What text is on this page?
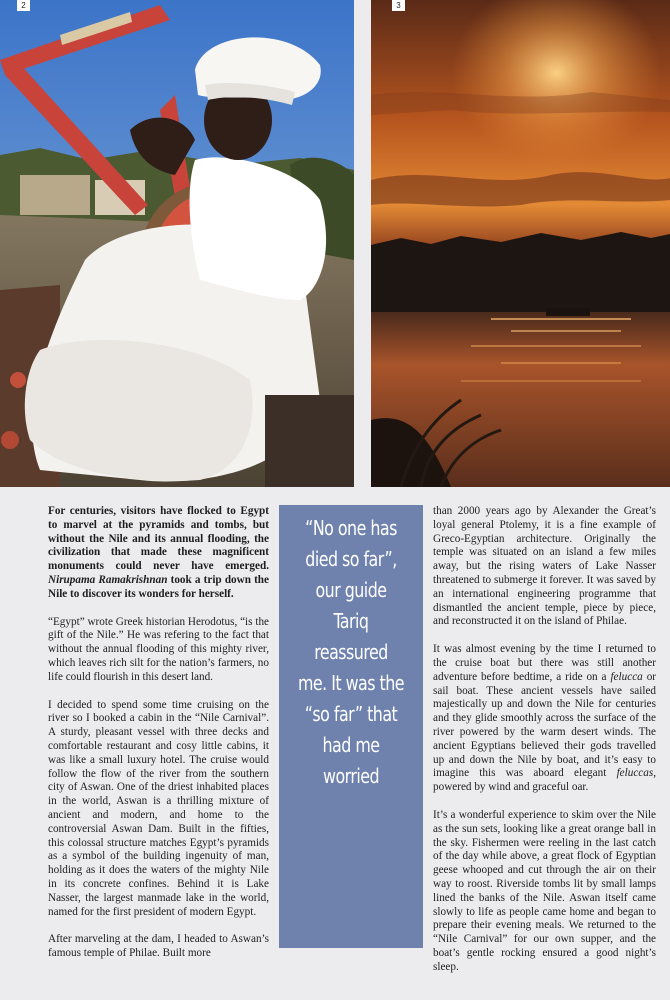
2	3

For centuries, visitors have flocked to Egypt to marvel at the pyramids and tombs, but without the Nile and its annual flooding, the civilization that made these magnificent monuments could never have emerged. Nirupama Ramakrishnan took a trip down the Nile to discover its wonders for herself.

“Egypt” wrote Greek historian Herodotus, “is the gift of the Nile.” He was refering to the fact that without the annual flooding of this mighty river, which leaves rich silt for the nation’s farmers, no life could flourish in this desert land.

I decided to spend some time cruising on the river so I booked a cabin in the “Nile Carnival”. A sturdy, pleasant vessel with three decks and comfortable restaurant and cosy little cabins, it was like a small luxury hotel. The cruise would follow the flow of the river from the southern city of Aswan. One of the driest inhabited places in the world, Aswan is a thrilling mixture of ancient and modern, and home to the controversial Aswan Dam. Built in the fifties, this colossal structure matches Egypt’s pyramids as a symbol of the building ingenuity of man, holding as it does the waters of the mighty Nile in its concrete confines. Behind it is Lake Nasser, the largest manmade lake in the world, named for the first president of modern Egypt.

After marveling at the dam, I headed to Aswan’s famous temple of Philae. Built more

“No one has died so far”, our guide Tariq reassured me. It was the “so far” that had me worried

than 2000 years ago by Alexander the Great’s loyal general Ptolemy, it is a fine example of Greco-Egyptian architecture. Originally the temple was situated on an island a few miles away, but the rising waters of Lake Nasser threatened to submerge it forever. It was saved by an international engineering programme that dismantled the ancient temple, piece by piece, and reconstructed it on the island of Philae.

It was almost evening by the time I returned to the cruise boat but there was still another adventure before bedtime, a ride on a felucca or sail boat. These ancient vessels have sailed majestically up and down the Nile for centuries and they glide smoothly across the surface of the river powered by the warm desert winds. The ancient Egyptians believed their gods travelled up and down the Nile by boat, and it’s easy to imagine this was aboard elegant feluccas, powered by wind and graceful oar.

It’s a wonderful experience to skim over the Nile as the sun sets, looking like a great orange ball in the sky. Fishermen were reeling in the last catch of the day while above, a great flock of Egyptian geese whooped and cut through the air on their way to roost. Riverside tombs lit by small lamps lined the banks of the Nile. Aswan itself came slowly to life as people came home and began to prepare their evening meals. We returned to the “Nile Carnival” for our own supper, and the boat’s gentle rocking ensured a good night’s sleep.
